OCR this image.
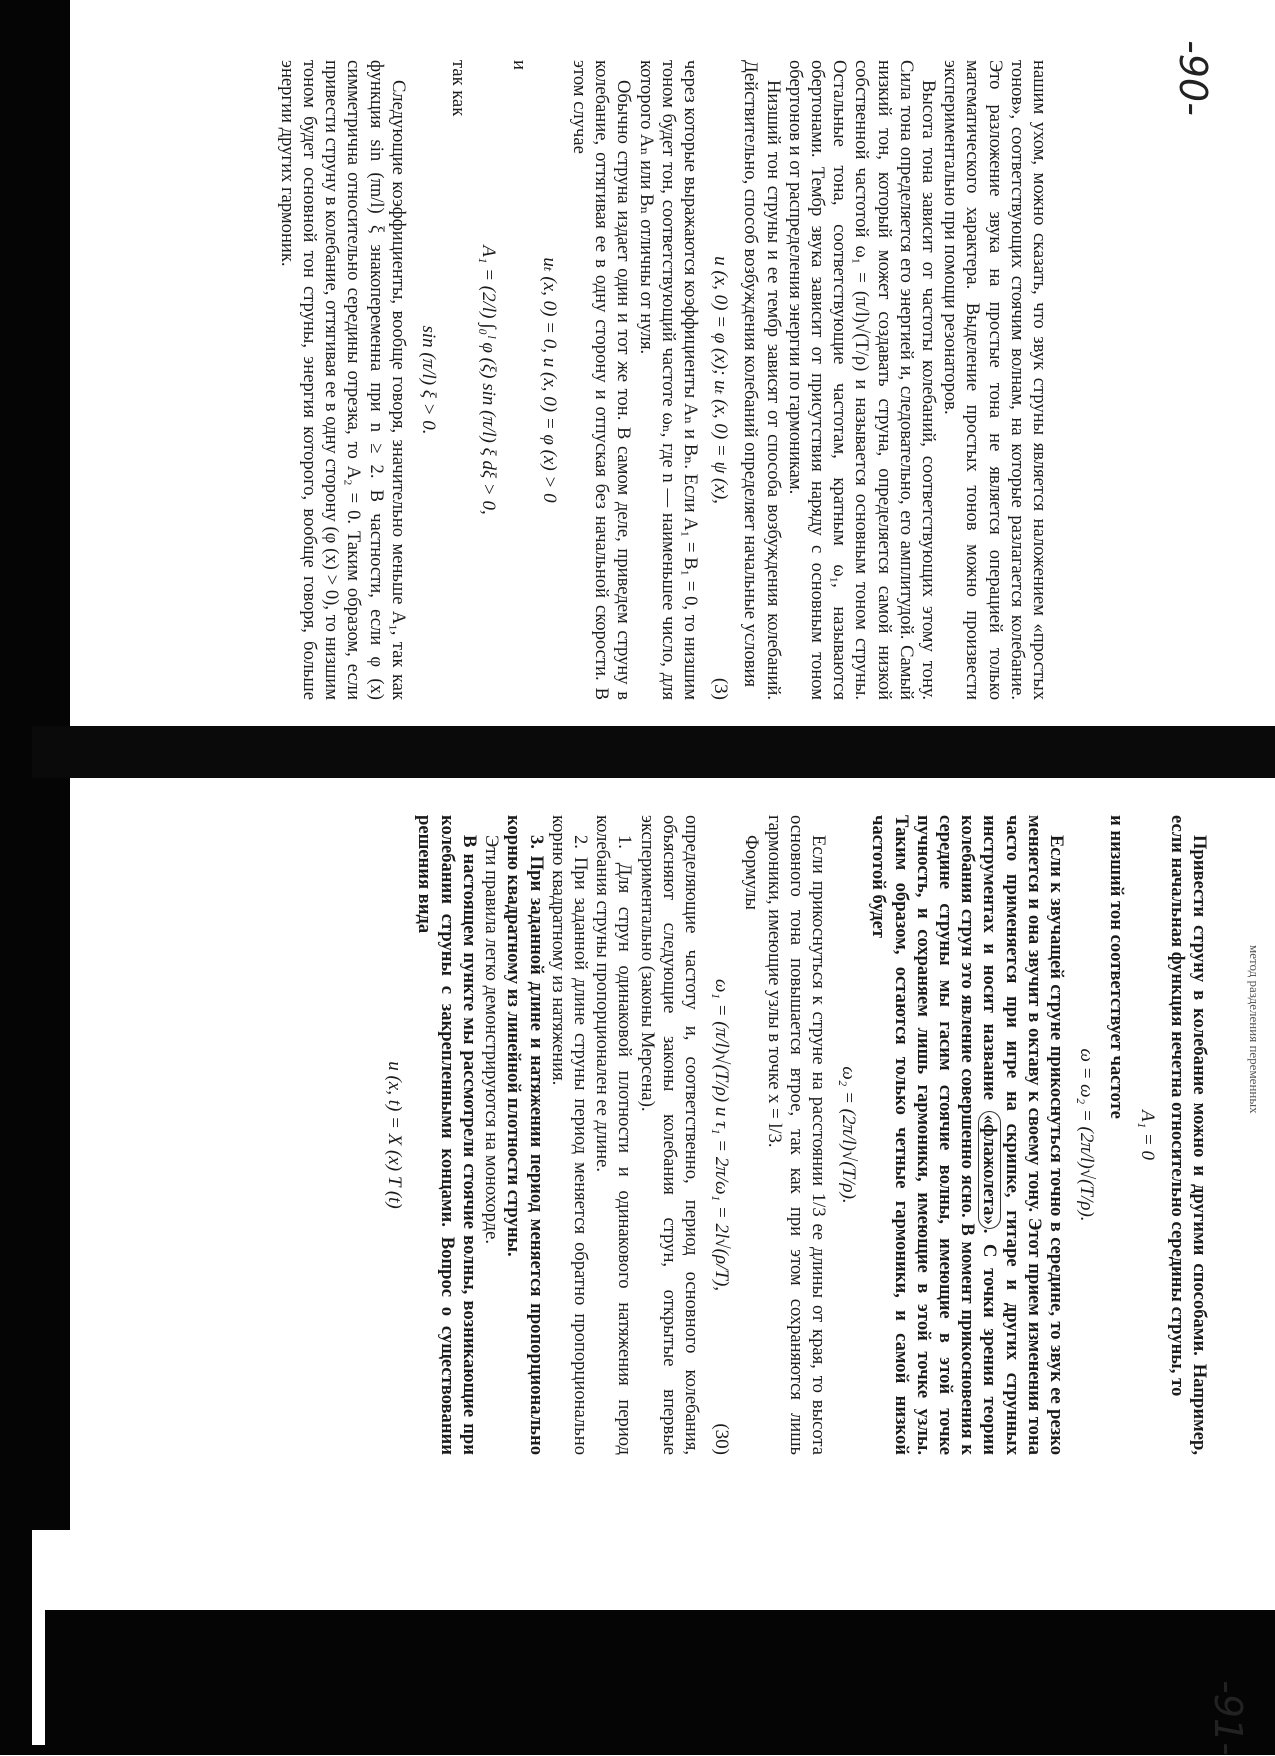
-90-
-91-
метод разделения переменных

нашим ухом, можно сказать, что звук струны является наложением «простых тонов», соответствующих стоячим волнам, на которые разлагается колебание. Это разложение звука на простые тона не является операцией только математического характера. Выделение простых тонов можно произвести экспериментально при помощи резонаторов.

Высота тона зависит от частоты колебаний, соответствующих этому тону. Сила тона определяется его энергией и, следовательно, его амплитудой. Самый низкий тон, который может создавать струна, определяется самой низкой собственной частотой ω₁ = (π/l)√(T/ρ) и называется основным тоном струны. Остальные тона, соответствующие частотам, кратным ω₁, называются обертонами. Тембр звука зависит от присутствия наряду с основным тоном обертонов и от распределения энергии по гармоникам.

Низший тон струны и ее тембр зависят от способа возбуждения колебаний. Действительно, способ возбуждения колебаний определяет начальные условия

u (x, 0) = φ (x); uₜ (x, 0) = ψ (x),
(3)

через которые выражаются коэффициенты Aₙ и Bₙ. Если A₁ = B₁ = 0, то низшим тоном будет тон, соответствующий частоте ωₙ, где n — наименьшее число, для которого Aₙ или Bₙ отличны от нуля.

Обычно струна издает один и тот же тон. В самом деле, приведем струну в колебание, оттягивая ее в одну сторону и отпуская без начальной скорости. В этом случае

uₜ (x, 0) = 0, u (x, 0) = φ (x) > 0

и

A₁ = (2/l) ∫₀ˡ φ (ξ) sin (π/l) ξ dξ > 0,

так как

sin (π/l) ξ > 0.

Следующие коэффициенты, вообще говоря, значительно меньше A₁, так как функция sin (πn/l) ξ знакопеременна при n ≥ 2. В частности, если φ (x) симметрична относительно середины отрезка, то A₂ = 0. Таким образом, если привести струну в колебание, оттягивая ее в одну сторону (φ (x) > 0), то низшим тоном будет основной тон струны, энергия которого, вообще говоря, больше энергии других гармоник.

Привести струну в колебание можно и другими способами. Например, если начальная функция нечетна относительно середины струны, то

A₁ = 0

и низший тон соответствует частоте

ω = ω₂ = (2π/l)√(T/ρ).

Если к звучащей струне прикоснуться точно в середине, то звук ее резко меняется и она звучит в октаву к своему тону. Этот прием изменения тона часто применяется при игре на скрипке, гитаре и других струнных инструментах и носит название «флажолета». С точки зрения теории колебания струн это явление совершенно ясно. В момент прикосновения к середине струны мы гасим стоячие волны, имеющие в этой точке пучность, и сохраняем лишь гармоники, имеющие в этой точке узлы. Таким образом, остаются только четные гармоники, и самой низкой частотой будет

ω₂ = (2π/l)√(T/ρ).

Если прикоснуться к струне на расстоянии 1/3 ее длины от края, то высота основного тона повышается втрое, так как при этом сохраняются лишь гармоники, имеющие узлы в точке x = l/3.

Формулы

ω₁ = (π/l)√(T/ρ) и τ₁ = 2π/ω₁ = 2l√(ρ/T),
(30)

определяющие частоту и, соответственно, период основного колебания, объясняют следующие законы колебания струн, открытые впервые экспериментально (законы Мерсена).

1. Для струн одинаковой плотности и одинакового натяжения период колебания струны пропорционален ее длине.

2. При заданной длине струны период меняется обратно пропорционально корню квадратному из натяжения.

3. При заданной длине и натяжении период меняется пропорционально корню квадратному из линейной плотности струны.

Эти правила легко демонстрируются на монохорде.

В настоящем пункте мы рассмотрели стоячие волны, возникающие при колебании струны с закрепленными концами. Вопрос о существовании решения вида

u (x, t) = X (x) T (t)
